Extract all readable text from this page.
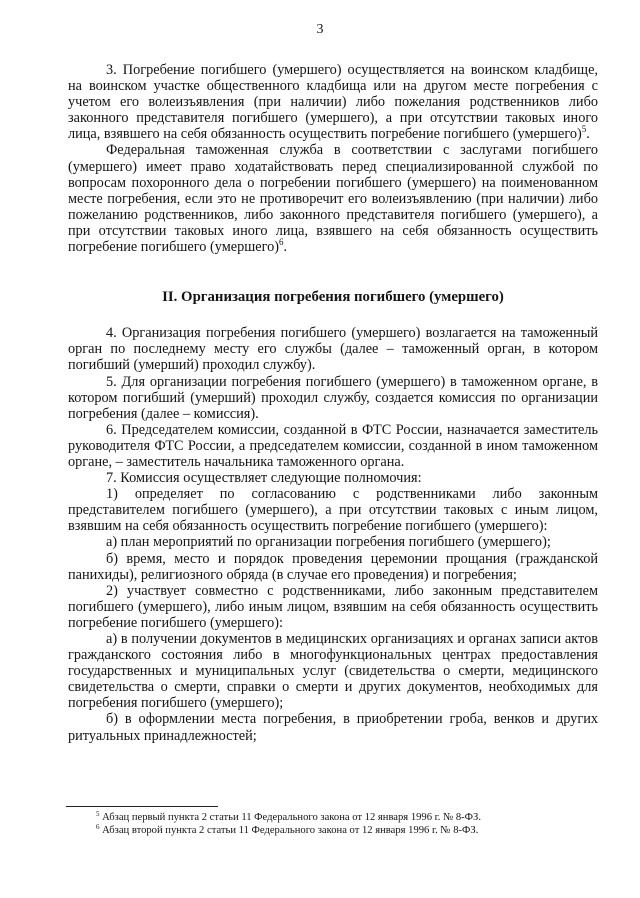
3

3. Погребение погибшего (умершего) осуществляется на воинском кладбище, на воинском участке общественного кладбища или на другом месте погребения с учетом его волеизъявления (при наличии) либо пожелания родственников либо законного представителя погибшего (умершего), а при отсутствии таковых иного лица, взявшего на себя обязанность осуществить погребение погибшего (умершего)$^5$.

Федеральная таможенная служба в соответствии с заслугами погибшего (умершего) имеет право ходатайствовать перед специализированной службой по вопросам похоронного дела о погребении погибшего (умершего) на поименованном месте погребения, если это не противоречит его волеизъявлению (при наличии) либо пожеланию родственников, либо законного представителя погибшего (умершего), а при отсутствии таковых иного лица, взявшего на себя обязанность осуществить погребение погибшего (умершего)$^6$.

II. Организация погребения погибшего (умершего)

4. Организация погребения погибшего (умершего) возлагается на таможенный орган по последнему месту его службы (далее – таможенный орган, в котором погибший (умерший) проходил службу).

5. Для организации погребения погибшего (умершего) в таможенном органе, в котором погибший (умерший) проходил службу, создается комиссия по организации погребения (далее – комиссия).

6. Председателем комиссии, созданной в ФТС России, назначается заместитель руководителя ФТС России, а председателем комиссии, созданной в ином таможенном органе, – заместитель начальника таможенного органа.

7. Комиссия осуществляет следующие полномочия:

1) определяет по согласованию с родственниками либо законным представителем погибшего (умершего), а при отсутствии таковых с иным лицом, взявшим на себя обязанность осуществить погребение погибшего (умершего):

а) план мероприятий по организации погребения погибшего (умершего);

б) время, место и порядок проведения церемонии прощания (гражданской панихиды), религиозного обряда (в случае его проведения) и погребения;

2) участвует совместно с родственниками, либо законным представителем погибшего (умершего), либо иным лицом, взявшим на себя обязанность осуществить погребение погибшего (умершего):

а) в получении документов в медицинских организациях и органах записи актов гражданского состояния либо в многофункциональных центрах предоставления государственных и муниципальных услуг (свидетельства о смерти, медицинского свидетельства о смерти, справки о смерти и других документов, необходимых для погребения погибшего (умершего);

б) в оформлении места погребения, в приобретении гроба, венков и других ритуальных принадлежностей;

$^5$ Абзац первый пункта 2 статьи 11 Федерального закона от 12 января 1996 г. № 8-ФЗ.
$^6$ Абзац второй пункта 2 статьи 11 Федерального закона от 12 января 1996 г. № 8-ФЗ.
